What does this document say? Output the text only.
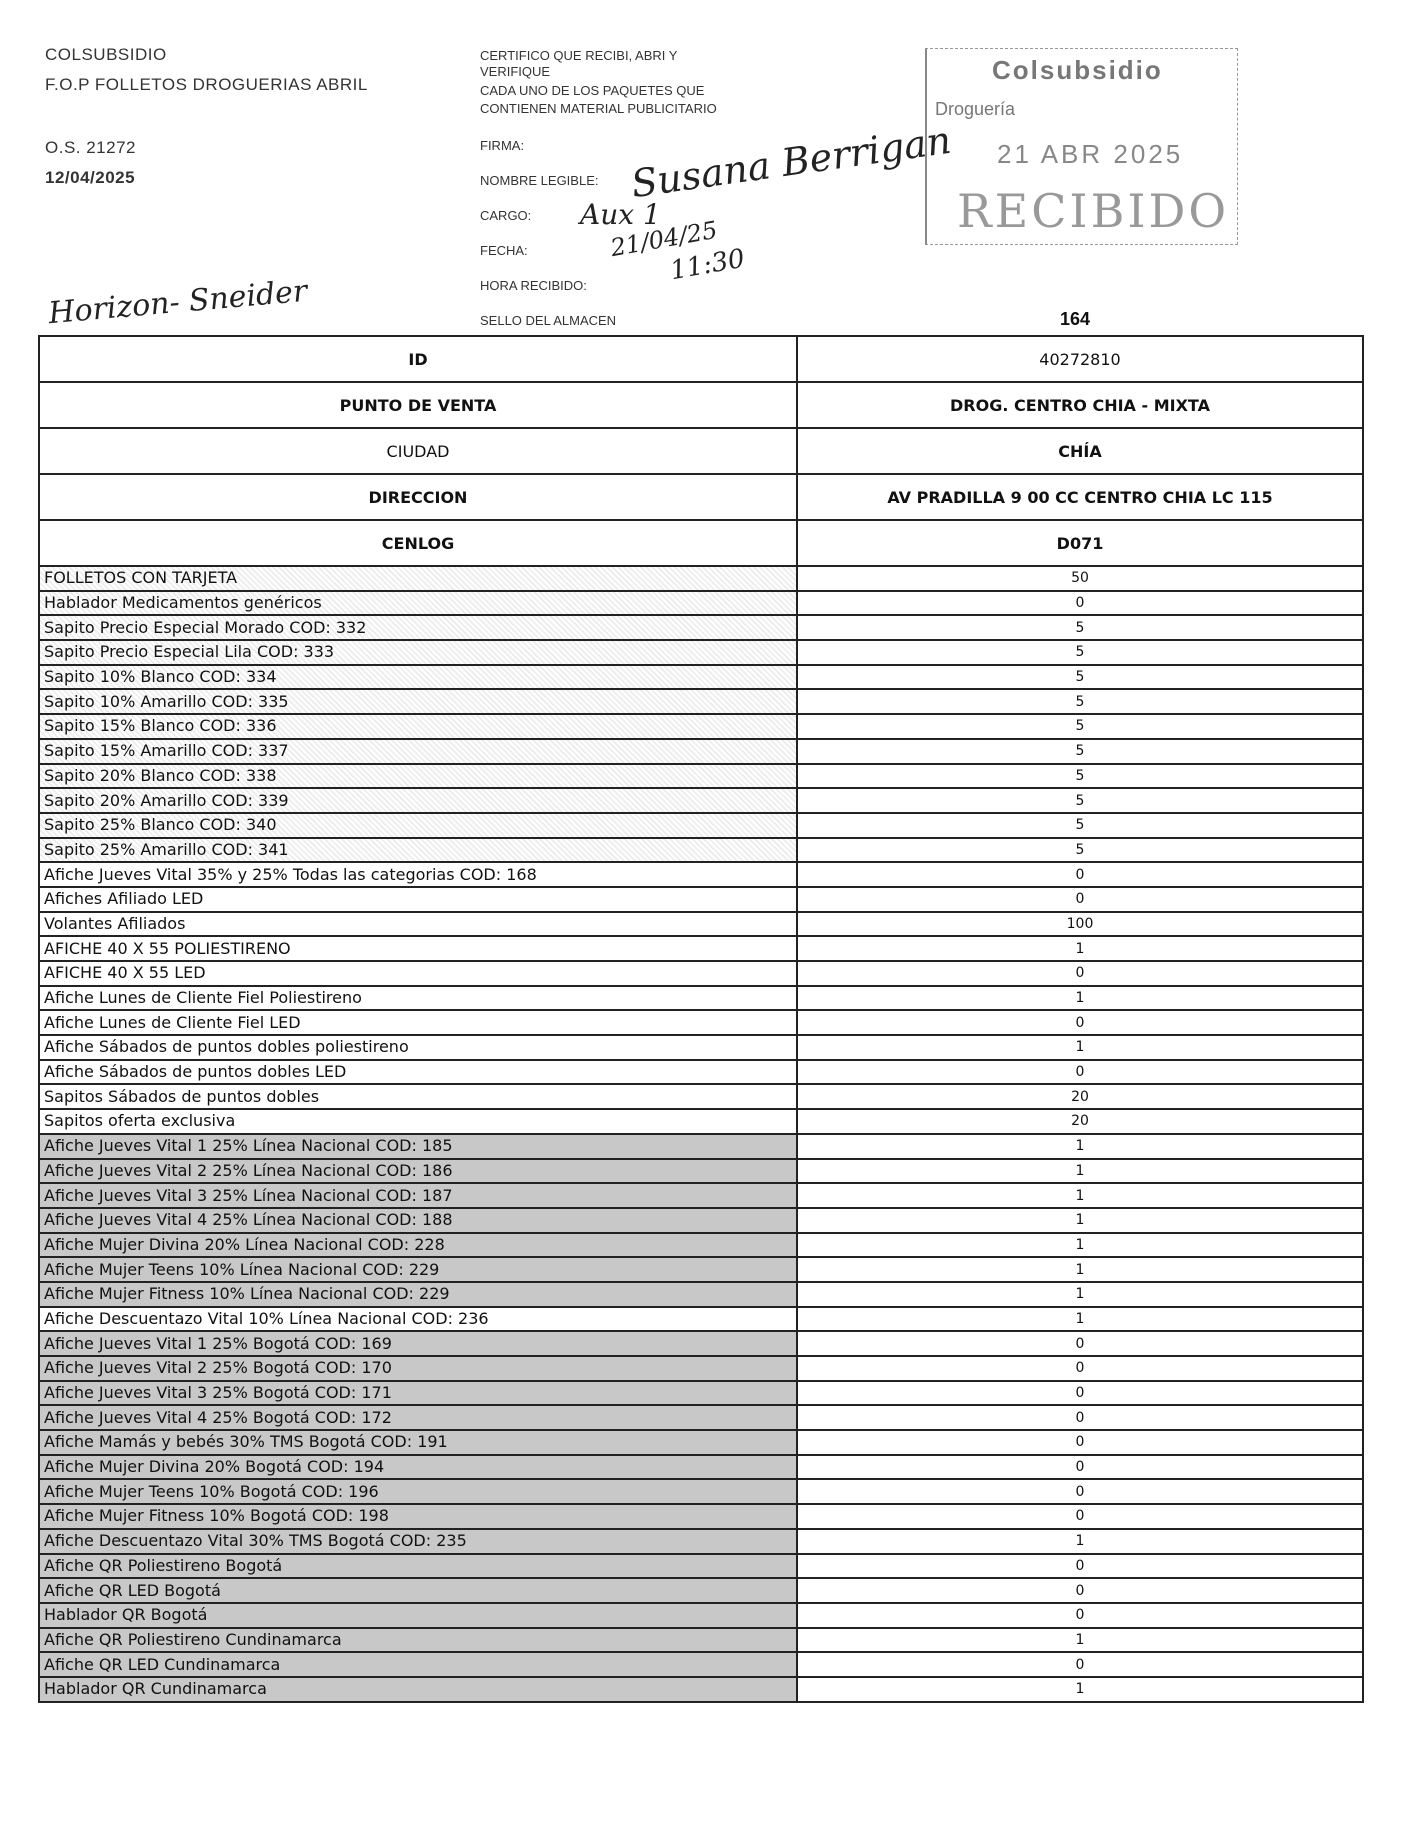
COLSUBSIDIO
F.O.P FOLLETOS DROGUERIAS ABRIL
O.S. 21272
12/04/2025
CERTIFICO QUE RECIBI, ABRI Y
VERIFIQUE
CADA UNO DE LOS PAQUETES QUE
CONTIENEN MATERIAL PUBLICITARIO
FIRMA:
NOMBRE LEGIBLE:
CARGO:
FECHA:
HORA RECIBIDO:
SELLO DEL ALMACEN
Susana Berrigan
Aux 1
21/04/25
11:30
Horizon- Sneider
Colsubsidio
Droguería
21 ABR 2025
RECIBIDO
164
ID	40272810
PUNTO DE VENTA	DROG. CENTRO CHIA - MIXTA
CIUDAD	CHÍA
DIRECCION	AV PRADILLA 9 00 CC CENTRO CHIA LC 115
CENLOG	D071
FOLLETOS CON TARJETA	50
Hablador Medicamentos genéricos	0
Sapito Precio Especial Morado COD: 332	5
Sapito Precio Especial Lila COD: 333	5
Sapito 10% Blanco COD: 334	5
Sapito 10% Amarillo COD: 335	5
Sapito 15% Blanco COD: 336	5
Sapito 15% Amarillo COD: 337	5
Sapito 20% Blanco COD: 338	5
Sapito 20% Amarillo COD: 339	5
Sapito 25% Blanco COD: 340	5
Sapito 25% Amarillo COD: 341	5
Afiche Jueves Vital 35% y 25% Todas las categorias COD: 168	0
Afiches Afiliado LED	0
Volantes Afiliados	100
AFICHE 40 X 55 POLIESTIRENO	1
AFICHE 40 X 55 LED	0
Afiche Lunes de Cliente Fiel Poliestireno	1
Afiche Lunes de Cliente Fiel LED	0
Afiche Sábados de puntos dobles poliestireno	1
Afiche Sábados de puntos dobles LED	0
Sapitos Sábados de puntos dobles	20
Sapitos oferta exclusiva	20
Afiche Jueves Vital 1 25% Línea Nacional COD: 185	1
Afiche Jueves Vital 2 25% Línea Nacional COD: 186	1
Afiche Jueves Vital 3 25% Línea Nacional COD: 187	1
Afiche Jueves Vital 4 25% Línea Nacional COD: 188	1
Afiche Mujer Divina 20% Línea Nacional COD: 228	1
Afiche Mujer Teens 10% Línea Nacional COD: 229	1
Afiche Mujer Fitness 10% Línea Nacional COD: 229	1
Afiche Descuentazo Vital 10% Línea Nacional COD: 236	1
Afiche Jueves Vital 1 25% Bogotá COD: 169	0
Afiche Jueves Vital 2 25% Bogotá COD: 170	0
Afiche Jueves Vital 3 25% Bogotá COD: 171	0
Afiche Jueves Vital 4 25% Bogotá COD: 172	0
Afiche Mamás y bebés 30% TMS Bogotá COD: 191	0
Afiche Mujer Divina 20% Bogotá COD: 194	0
Afiche Mujer Teens 10% Bogotá COD: 196	0
Afiche Mujer Fitness 10% Bogotá COD: 198	0
Afiche Descuentazo Vital 30% TMS Bogotá COD: 235	1
Afiche QR Poliestireno Bogotá	0
Afiche QR LED Bogotá	0
Hablador QR Bogotá	0
Afiche QR Poliestireno Cundinamarca	1
Afiche QR LED Cundinamarca	0
Hablador QR Cundinamarca	1
